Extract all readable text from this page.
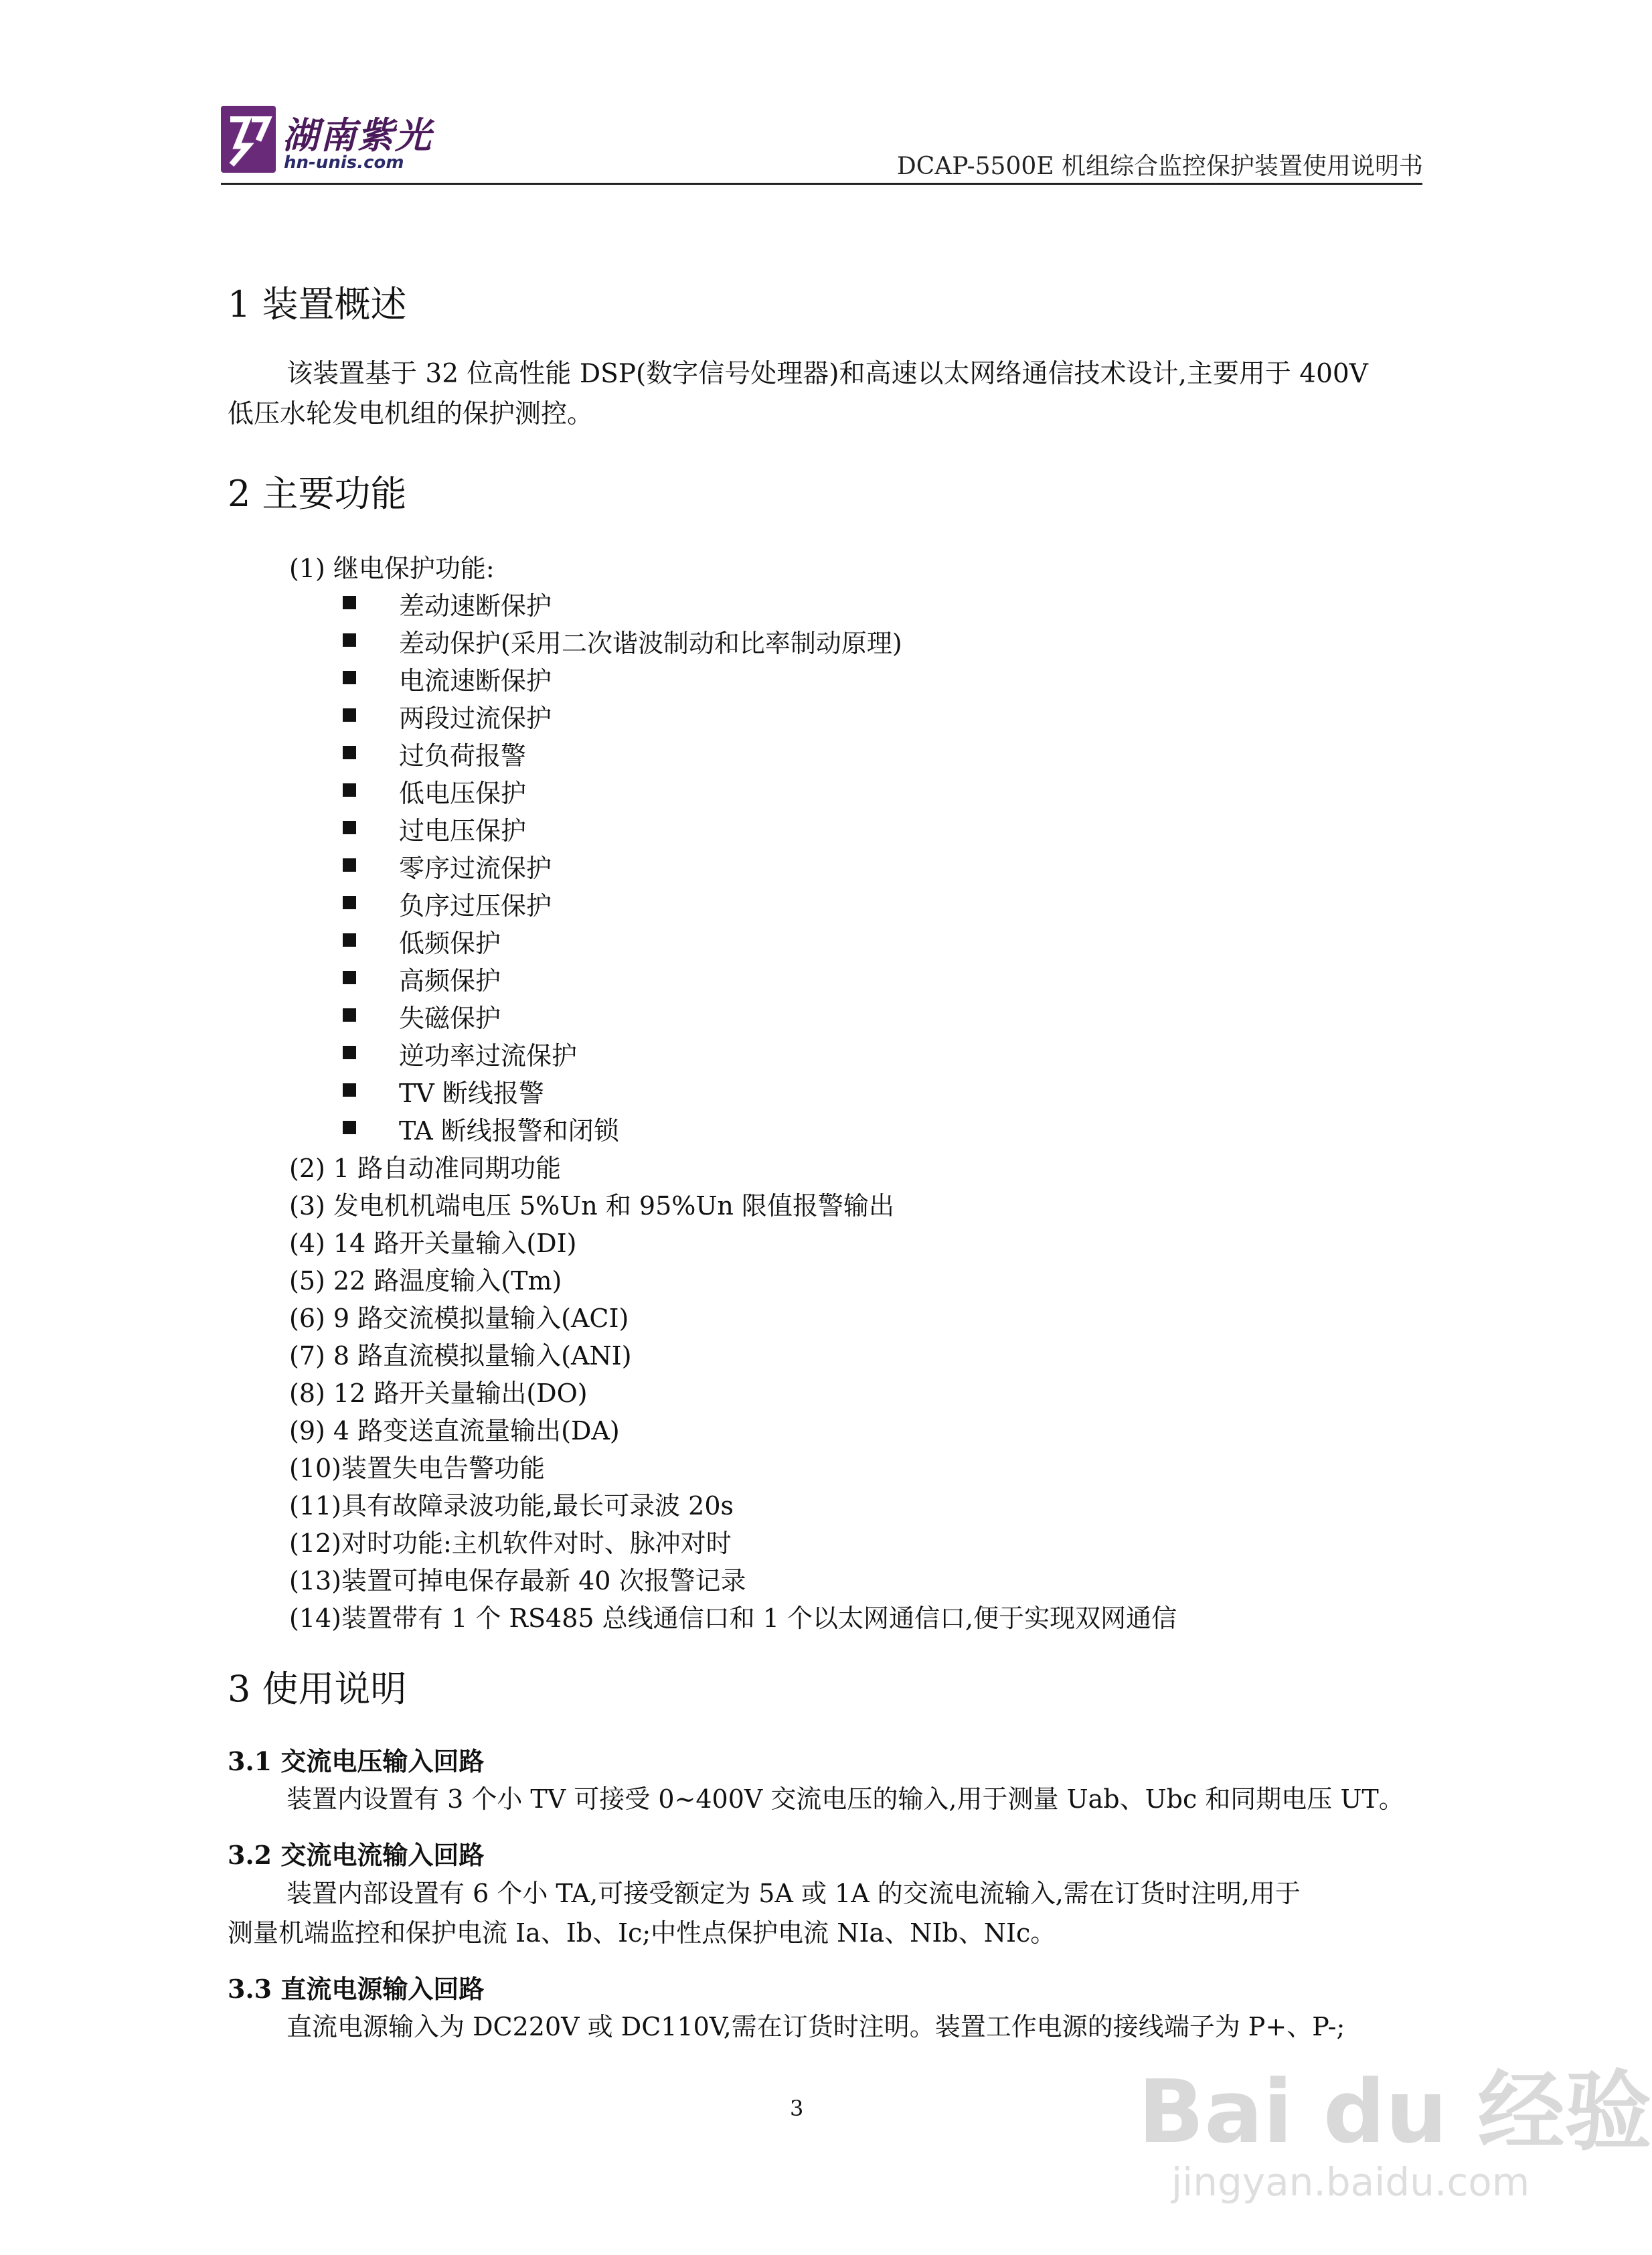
湖南紫光
hn-unis.com	DCAP-5500E 机组综合监控保护装置使用说明书
1 装置概述
该装置基于 32 位高性能 DSP(数字信号处理器)和高速以太网络通信技术设计,主要用于 400V
低压水轮发电机组的保护测控。
2 主要功能
(1) 继电保护功能:
差动速断保护
差动保护(采用二次谐波制动和比率制动原理)
电流速断保护
两段过流保护
过负荷报警
低电压保护
过电压保护
零序过流保护
负序过压保护
低频保护
高频保护
失磁保护
逆功率过流保护
TV 断线报警
TA 断线报警和闭锁
(2) 1 路自动准同期功能
(3) 发电机机端电压 5%Un 和 95%Un 限值报警输出
(4) 14 路开关量输入(DI)
(5) 22 路温度输入(Tm)
(6) 9 路交流模拟量输入(ACI)
(7) 8 路直流模拟量输入(ANI)
(8) 12 路开关量输出(DO)
(9) 4 路变送直流量输出(DA)
(10)装置失电告警功能
(11)具有故障录波功能,最长可录波 20s
(12)对时功能:主机软件对时、脉冲对时
(13)装置可掉电保存最新 40 次报警记录
(14)装置带有 1 个 RS485 总线通信口和 1 个以太网通信口,便于实现双网通信
3 使用说明
3.1 交流电压输入回路
装置内设置有 3 个小 TV 可接受 0~400V 交流电压的输入,用于测量 Uab、Ubc 和同期电压 UT。
3.2 交流电流输入回路
装置内部设置有 6 个小 TA,可接受额定为 5A 或 1A 的交流电流输入,需在订货时注明,用于
测量机端监控和保护电流 Ia、Ib、Ic;中性点保护电流 NIa、NIb、NIc。
3.3 直流电源输入回路
直流电源输入为 DC220V 或 DC110V,需在订货时注明。装置工作电源的接线端子为 P+、P-;
3	Bai du 经验
jingyan.baidu.com
